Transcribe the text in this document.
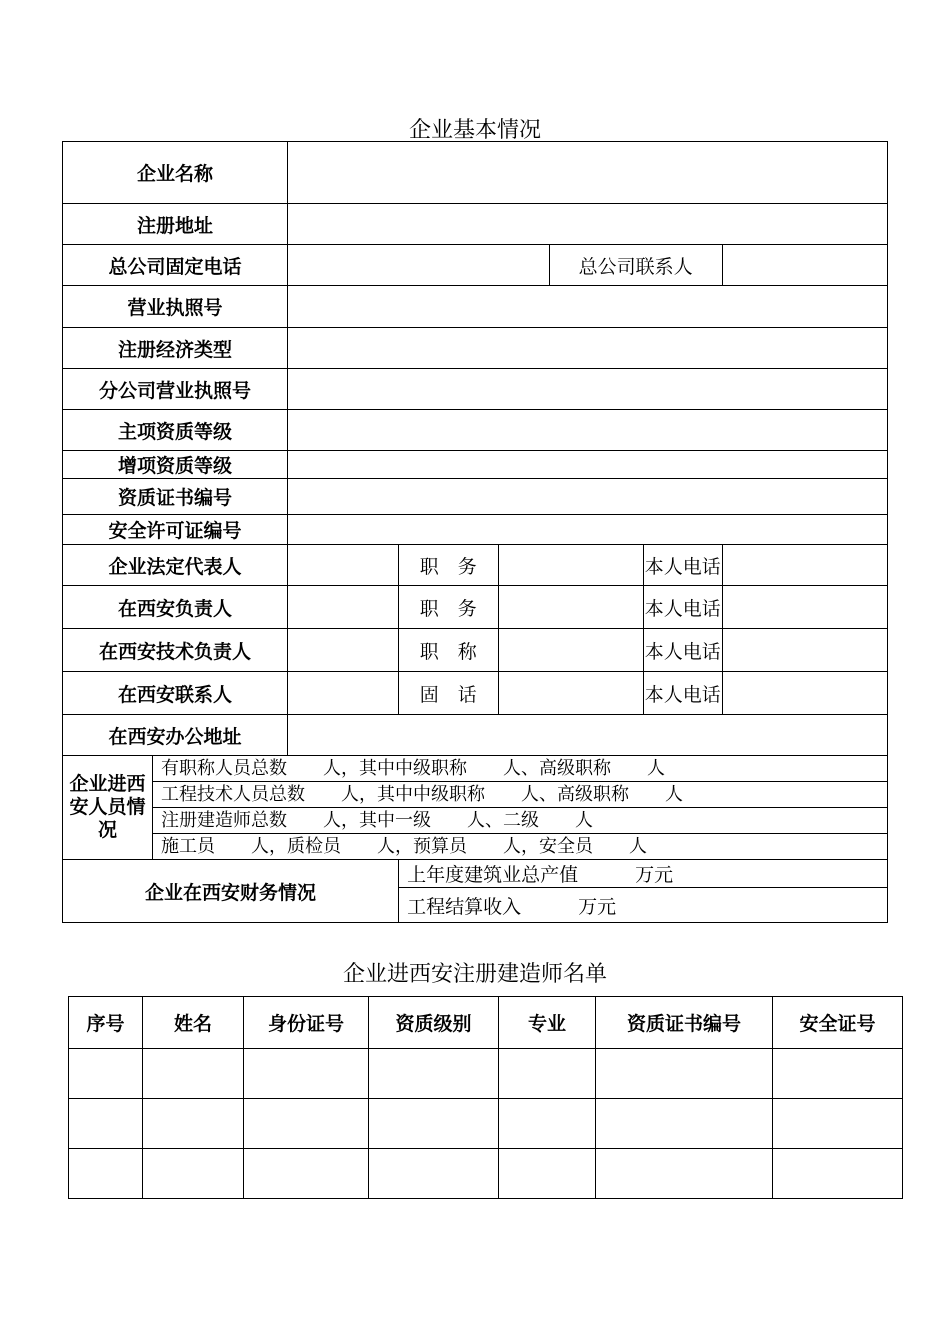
企业基本情况
企业名称							
注册地址							
总公司固定电话					总公司联系人		
营业执照号							
注册经济类型							
分公司营业执照号							
主项资质等级							
增项资质等级							
资质证书编号							
安全许可证编号							
企业法定代表人			职　务			本人电话	
在西安负责人			职　务			本人电话	
在西安技术负责人			职　称			本人电话	
在西安联系人			固　话			本人电话	
在西安办公地址							
企业进西安人员情况	有职称人员总数　　人，其中中级职称　　人、高级职称　　人						
	工程技术人员总数　　人，其中中级职称　　人、高级职称　　人						
	注册建造师总数　　人，其中一级　　人、二级　　人						
	施工员　　人，质检员　　人，预算员　　人，安全员　　人						
企业在西安财务情况			上年度建筑业总产值　　　万元				
			工程结算收入　　　万元				
企业进西安注册建造师名单
序号	姓名	身份证号	资质级别	专业	资质证书编号	安全证号
